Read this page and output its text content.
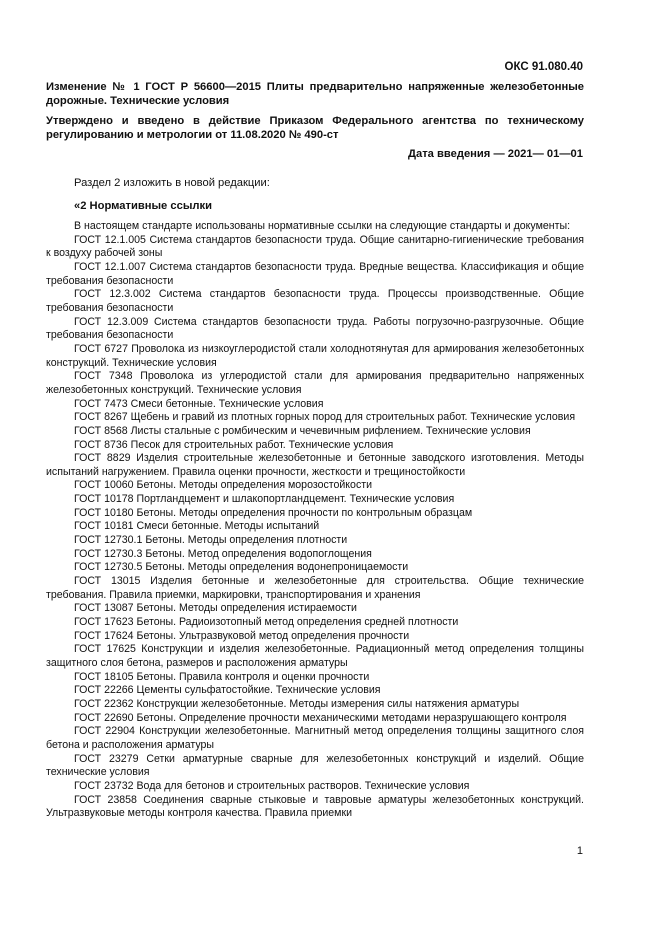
ОКС 91.080.40
Изменение № 1 ГОСТ Р 56600—2015 Плиты предварительно напряженные железобетонные дорожные. Технические условия
Утверждено и введено в действие Приказом Федерального агентства по техническому регулированию и метрологии от 11.08.2020 № 490-ст
Дата введения — 2021— 01—01
Раздел 2 изложить в новой редакции:
«2 Нормативные ссылки

В настоящем стандарте использованы нормативные ссылки на следующие стандарты и документы:

ГОСТ 12.1.005 Система стандартов безопасности труда. Общие санитарно-гигиенические требования к воздуху рабочей зоны

ГОСТ 12.1.007 Система стандартов безопасности труда. Вредные вещества. Классификация и общие требования безопасности

ГОСТ 12.3.002 Система стандартов безопасности труда. Процессы производственные. Общие требования безопасности

ГОСТ 12.3.009 Система стандартов безопасности труда. Работы погрузочно-разгрузочные. Общие требования безопасности

ГОСТ 6727 Проволока из низкоуглеродистой стали холоднотянутая для армирования железобетонных конструкций. Технические условия

ГОСТ 7348 Проволока из углеродистой стали для армирования предварительно напряженных железобетонных конструкций. Технические условия

ГОСТ 7473 Смеси бетонные. Технические условия

ГОСТ 8267 Щебень и гравий из плотных горных пород для строительных работ. Технические условия

ГОСТ 8568 Листы стальные с ромбическим и чечевичным рифлением. Технические условия

ГОСТ 8736 Песок для строительных работ. Технические условия

ГОСТ 8829 Изделия строительные железобетонные и бетонные заводского изготовления. Методы испытаний нагружением. Правила оценки прочности, жесткости и трещиностойкости

ГОСТ 10060 Бетоны. Методы определения морозостойкости

ГОСТ 10178 Портландцемент и шлакопортландцемент. Технические условия

ГОСТ 10180 Бетоны. Методы определения прочности по контрольным образцам

ГОСТ 10181 Смеси бетонные. Методы испытаний

ГОСТ 12730.1 Бетоны. Методы определения плотности

ГОСТ 12730.3 Бетоны. Метод определения водопоглощения

ГОСТ 12730.5 Бетоны. Методы определения водонепроницаемости

ГОСТ 13015 Изделия бетонные и железобетонные для строительства. Общие технические требования. Правила приемки, маркировки, транспортирования и хранения

ГОСТ 13087 Бетоны. Методы определения истираемости

ГОСТ 17623 Бетоны. Радиоизотопный метод определения средней плотности

ГОСТ 17624 Бетоны. Ультразвуковой метод определения прочности

ГОСТ 17625 Конструкции и изделия железобетонные. Радиационный метод определения толщины защитного слоя бетона, размеров и расположения арматуры

ГОСТ 18105 Бетоны. Правила контроля и оценки прочности

ГОСТ 22266 Цементы сульфатостойкие. Технические условия

ГОСТ 22362 Конструкции железобетонные. Методы измерения силы натяжения арматуры

ГОСТ 22690 Бетоны. Определение прочности механическими методами неразрушающего контроля

ГОСТ 22904 Конструкции железобетонные. Магнитный метод определения толщины защитного слоя бетона и расположения арматуры

ГОСТ 23279 Сетки арматурные сварные для железобетонных конструкций и изделий. Общие технические условия

ГОСТ 23732 Вода для бетонов и строительных растворов. Технические условия

ГОСТ 23858 Соединения сварные стыковые и тавровые арматуры железобетонных конструкций. Ультразвуковые методы контроля качества. Правила приемки

1
